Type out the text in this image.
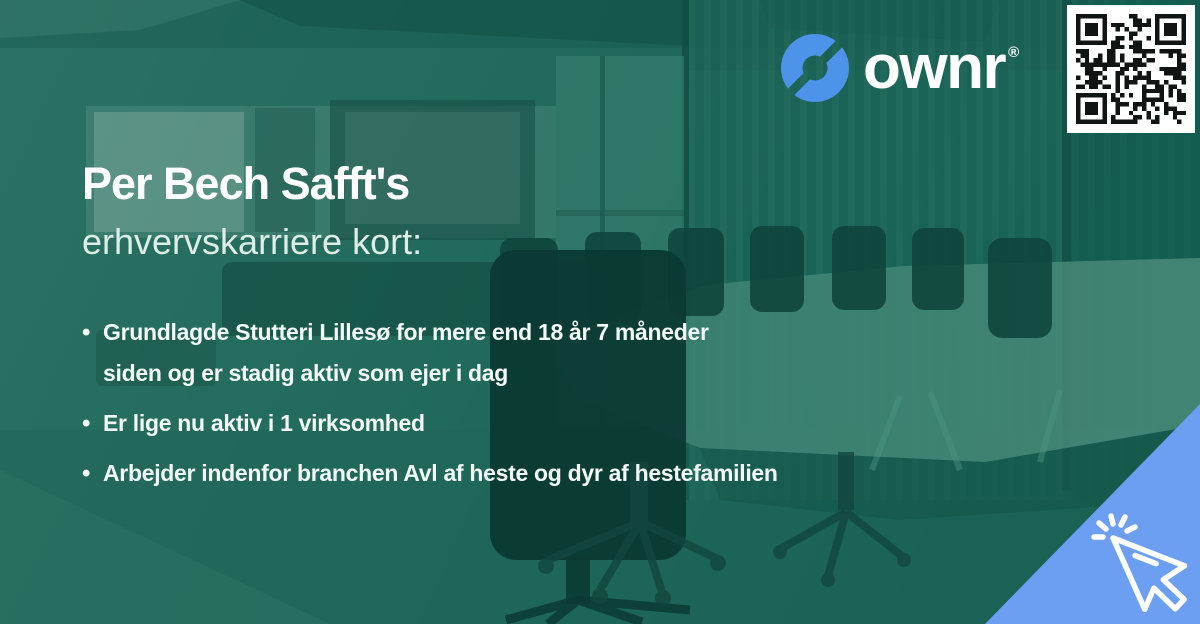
ownr ®
Per Bech Safft's
erhvervskarriere kort:
• Grundlagde Stutteri Lillesø for mere end 18 år 7 måneder
siden og er stadig aktiv som ejer i dag
• Er lige nu aktiv i 1 virksomhed
• Arbejder indenfor branchen Avl af heste og dyr af hestefamilien
